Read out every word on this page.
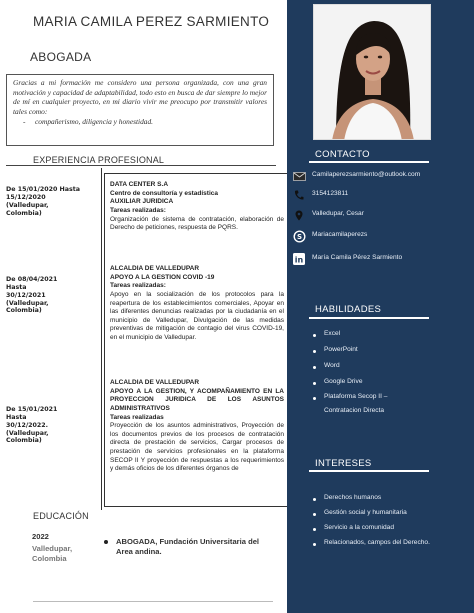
MARIA CAMILA PEREZ SARMIENTO
ABOGADA
Gracias a mi formación me considero una persona organizada, con una gran motivación y capacidad de adaptabilidad, todo esto en busca de dar siempre lo mejor de mí en cualquier proyecto, en mi diario vivir me preocupo por transmitir valores tales como:
- compañerismo, diligencia y honestidad.
EXPERIENCIA PROFESIONAL
De 15/01/2020 Hasta
15/12/2020
(Valledupar,
Colombia)
De 08/04/2021
Hasta
30/12/2021
(Valledupar,
Colombia)
De 15/01/2021
Hasta
30/12/2022.
(Valledupar,
Colombia)
DATA CENTER S.A
Centro de consultoría y estadística
AUXILIAR JURIDICA
Tareas realizadas:
Organización de sistema de contratación, elaboración de Derecho de peticiones, respuesta de PQRS.
ALCALDIA DE VALLEDUPAR
APOYO A LA GESTION COVID -19
Tareas realizadas:
Apoyo en la socialización de los protocolos para la reapertura de los establecimientos comerciales, Apoyar en las diferentes denuncias realizadas por la ciudadanía en el municipio de Valledupar, Divulgación de las medidas preventivas de mitigación de contagio del virus COVID-19, en el municipio de Valledupar.
ALCALDIA DE VALLEDUPAR
APOYO A LA GESTION, Y ACOMPAÑAMIENTO EN LA PROYECCION JURIDICA DE LOS ASUNTOS ADMINISTRATIVOS
Tareas realizadas
Proyección de los asuntos administrativos, Proyección de los documentos previos de los procesos de contratación directa de prestación de servicios, Cargar procesos de prestación de servicios profesionales en la plataforma SECOP II Y proyección de respuestas a los requerimientos y demás oficios de los diferentes órganos de
EDUCACIÓN
2022
Valledupar, Colombia
ABOGADA, Fundación Universitaria del Area andina.
CONTACTO
Camilaperezsarmiento@outlook.com
3154123811
Valledupar, Cesar
S Mariacamilaperezs
in María Camila Pérez Sarmiento
HABILIDADES
Excel
PowerPoint
Word
Google Drive
Plataforma Secop II –
Contratacion Directa
INTERESES
Derechos humanos
Gestión social y humanitaria
Servicio a la comunidad
Relacionados, campos del Derecho.
